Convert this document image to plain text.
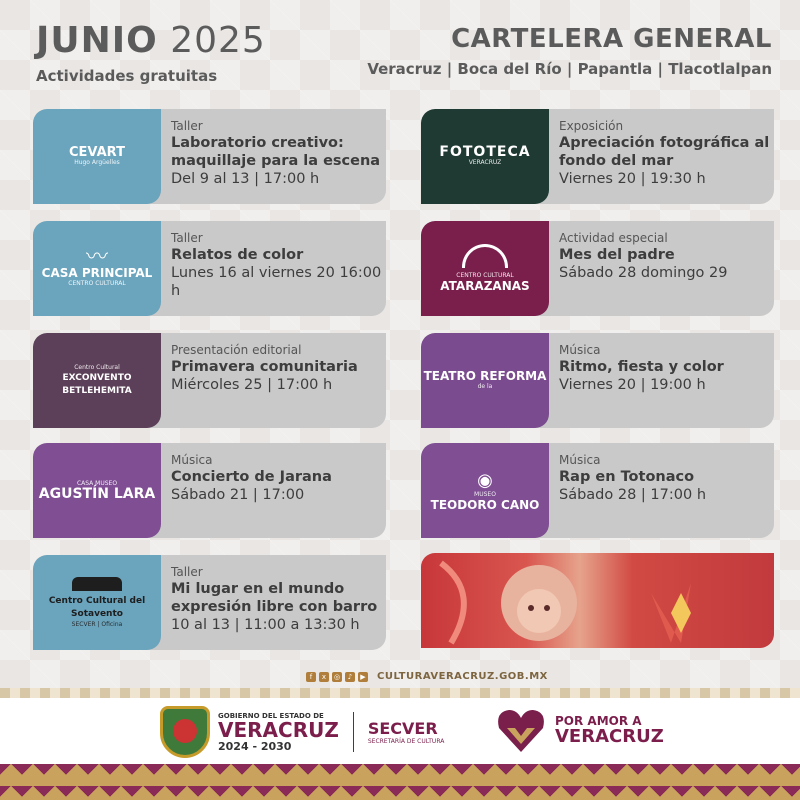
JUNIO 2025
Actividades gratuitas
CARTELERA GENERAL
Veracruz | Boca del Río | Papantla | Tlacotlalpan
CEVART
Hugo Argüelles
Taller
Laboratorio creativo: maquillaje para la escena
Del 9 al 13 | 17:00 h
〰
CASA PRINCIPAL
CENTRO CULTURAL
Taller
Relatos de color
Lunes 16 al viernes 20 16:00 h
Centro Cultural
EXCONVENTO BETLEHEMITA
Presentación editorial
Primavera comunitaria
Miércoles 25 | 17:00 h
CASA MUSEO
AGUSTÍN LARA
Música
Concierto de Jarana
Sábado 21 | 17:00
Centro Cultural del Sotavento
SECVER | Oficina
Taller
Mi lugar en el mundo expresión libre con barro
10 al 13 | 11:00 a 13:30 h
FOTOTECA
VERACRUZ
Exposición
Apreciación fotográfica al fondo del mar
Viernes 20 | 19:30 h
CENTRO CULTURAL
ATARAZANAS
Actividad especial
Mes del padre
Sábado 28 domingo 29
TEATRO REFORMA
de la
Música
Ritmo, fiesta y color
Viernes 20 | 19:00 h
◉
MUSEO
TEODORO CANO
Música
Rap en Totonaco
Sábado 28 | 17:00 h
f	x	◎	♪	▶ CULTURAVERACRUZ.GOB.MX
GOBIERNO DEL ESTADO DE
VERACRUZ
2024 - 2030
SECVER
SECRETARÍA DE CULTURA
POR AMOR A
VERACRUZ
